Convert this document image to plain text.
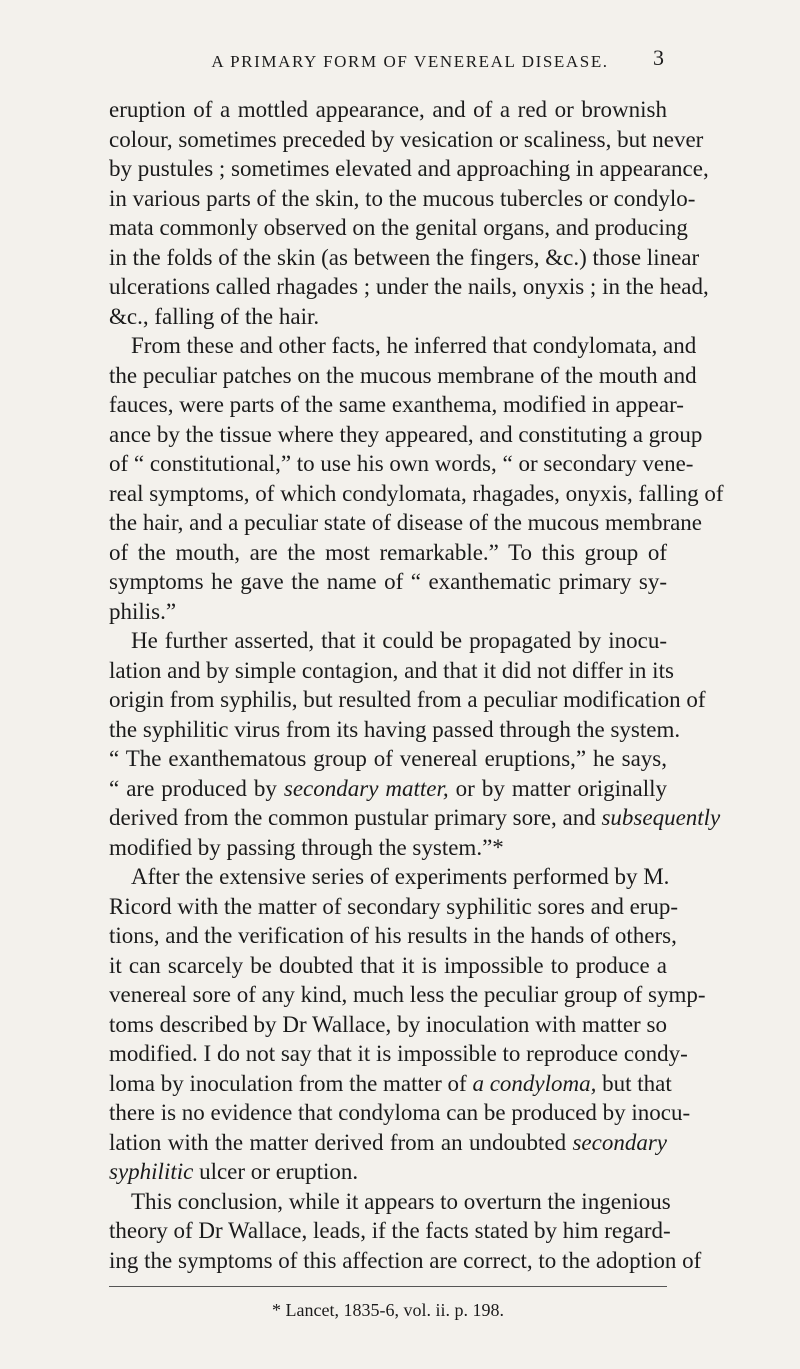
A PRIMARY FORM OF VENEREAL DISEASE.	3
eruption of a mottled appearance, and of a red or brownish
colour, sometimes preceded by vesication or scaliness, but never
by pustules ; sometimes elevated and approaching in appearance,
in various parts of the skin, to the mucous tubercles or condylo-
mata commonly observed on the genital organs, and producing
in the folds of the skin (as between the fingers, &c.) those linear
ulcerations called rhagades ; under the nails, onyxis ; in the head,
&c., falling of the hair.
From these and other facts, he inferred that condylomata, and
the peculiar patches on the mucous membrane of the mouth and
fauces, were parts of the same exanthema, modified in appear-
ance by the tissue where they appeared, and constituting a group
of “ constitutional,” to use his own words, “ or secondary vene-
real symptoms, of which condylomata, rhagades, onyxis, falling of
the hair, and a peculiar state of disease of the mucous membrane
of the mouth, are the most remarkable.” To this group of
symptoms he gave the name of “ exanthematic primary sy-
philis.”
He further asserted, that it could be propagated by inocu-
lation and by simple contagion, and that it did not differ in its
origin from syphilis, but resulted from a peculiar modification of
the syphilitic virus from its having passed through the system.
“ The exanthematous group of venereal eruptions,” he says,
“ are produced by secondary matter, or by matter originally
derived from the common pustular primary sore, and subsequently
modified by passing through the system.”*
After the extensive series of experiments performed by M.
Ricord with the matter of secondary syphilitic sores and erup-
tions, and the verification of his results in the hands of others,
it can scarcely be doubted that it is impossible to produce a
venereal sore of any kind, much less the peculiar group of symp-
toms described by Dr Wallace, by inoculation with matter so
modified. I do not say that it is impossible to reproduce condy-
loma by inoculation from the matter of a condyloma, but that
there is no evidence that condyloma can be produced by inocu-
lation with the matter derived from an undoubted secondary
syphilitic ulcer or eruption.
This conclusion, while it appears to overturn the ingenious
theory of Dr Wallace, leads, if the facts stated by him regard-
ing the symptoms of this affection are correct, to the adoption of
* Lancet, 1835-6, vol. ii. p. 198.
